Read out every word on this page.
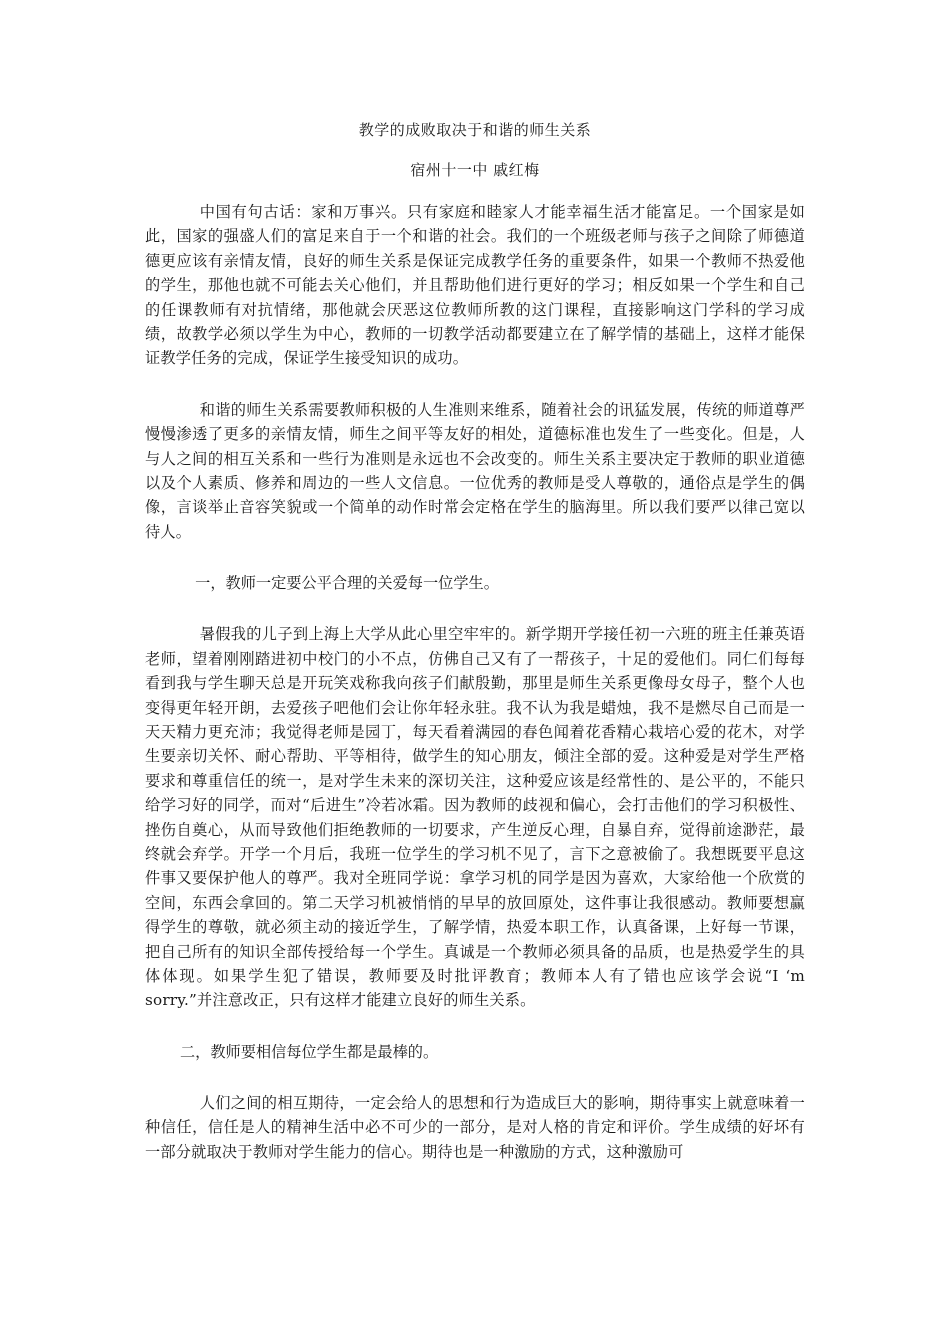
教学的成败取决于和谐的师生关系
宿州十一中 戚红梅

中国有句古话：家和万事兴。只有家庭和睦家人才能幸福生活才能富足。一个国家是如此，国家的强盛人们的富足来自于一个和谐的社会。我们的一个班级老师与孩子之间除了师德道德更应该有亲情友情，良好的师生关系是保证完成教学任务的重要条件，如果一个教师不热爱他的学生，那他也就不可能去关心他们，并且帮助他们进行更好的学习；相反如果一个学生和自己的任课教师有对抗情绪，那他就会厌恶这位教师所教的这门课程，直接影响这门学科的学习成绩，故教学必须以学生为中心，教师的一切教学活动都要建立在了解学情的基础上，这样才能保证教学任务的完成，保证学生接受知识的成功。

和谐的师生关系需要教师积极的人生准则来维系，随着社会的讯猛发展，传统的师道尊严慢慢渗透了更多的亲情友情，师生之间平等友好的相处，道德标准也发生了一些变化。但是，人与人之间的相互关系和一些行为准则是永远也不会改变的。师生关系主要决定于教师的职业道德以及个人素质、修养和周边的一些人文信息。一位优秀的教师是受人尊敬的，通俗点是学生的偶像，言谈举止音容笑貌或一个简单的动作时常会定格在学生的脑海里。所以我们要严以律己宽以待人。

一，教师一定要公平合理的关爱每一位学生。

暑假我的儿子到上海上大学从此心里空牢牢的。新学期开学接任初一六班的班主任兼英语老师，望着刚刚踏进初中校门的小不点，仿佛自己又有了一帮孩子，十足的爱他们。同仁们每每看到我与学生聊天总是开玩笑戏称我向孩子们献殷勤，那里是师生关系更像母女母子，整个人也变得更年轻开朗，去爱孩子吧他们会让你年轻永驻。我不认为我是蜡烛，我不是燃尽自己而是一天天精力更充沛；我觉得老师是园丁，每天看着满园的春色闻着花香精心栽培心爱的花木，对学生要亲切关怀、耐心帮助、平等相待，做学生的知心朋友，倾注全部的爱。这种爱是对学生严格要求和尊重信任的统一，是对学生未来的深切关注，这种爱应该是经常性的、是公平的，不能只给学习好的同学，而对“后进生”冷若冰霜。因为教师的歧视和偏心，会打击他们的学习积极性、挫伤自奠心，从而导致他们拒绝教师的一切要求，产生逆反心理，自暴自弃，觉得前途渺茫，最终就会弃学。开学一个月后，我班一位学生的学习机不见了，言下之意被偷了。我想既要平息这件事又要保护他人的尊严。我对全班同学说：拿学习机的同学是因为喜欢，大家给他一个欣赏的空间，东西会拿回的。第二天学习机被悄悄的早早的放回原处，这件事让我很感动。教师要想赢得学生的尊敬，就必须主动的接近学生，了解学情，热爱本职工作，认真备课，上好每一节课，把自己所有的知识全部传授给每一个学生。真诚是一个教师必须具备的品质，也是热爱学生的具体体现。如果学生犯了错误，教师要及时批评教育；教师本人有了错也应该学会说“I ‘m sorry.”并注意改正，只有这样才能建立良好的师生关系。

二，教师要相信每位学生都是最棒的。

人们之间的相互期待，一定会给人的思想和行为造成巨大的影响，期待事实上就意味着一种信任，信任是人的精神生活中必不可少的一部分，是对人格的肯定和评价。学生成绩的好坏有一部分就取决于教师对学生能力的信心。期待也是一种激励的方式，这种激励可
